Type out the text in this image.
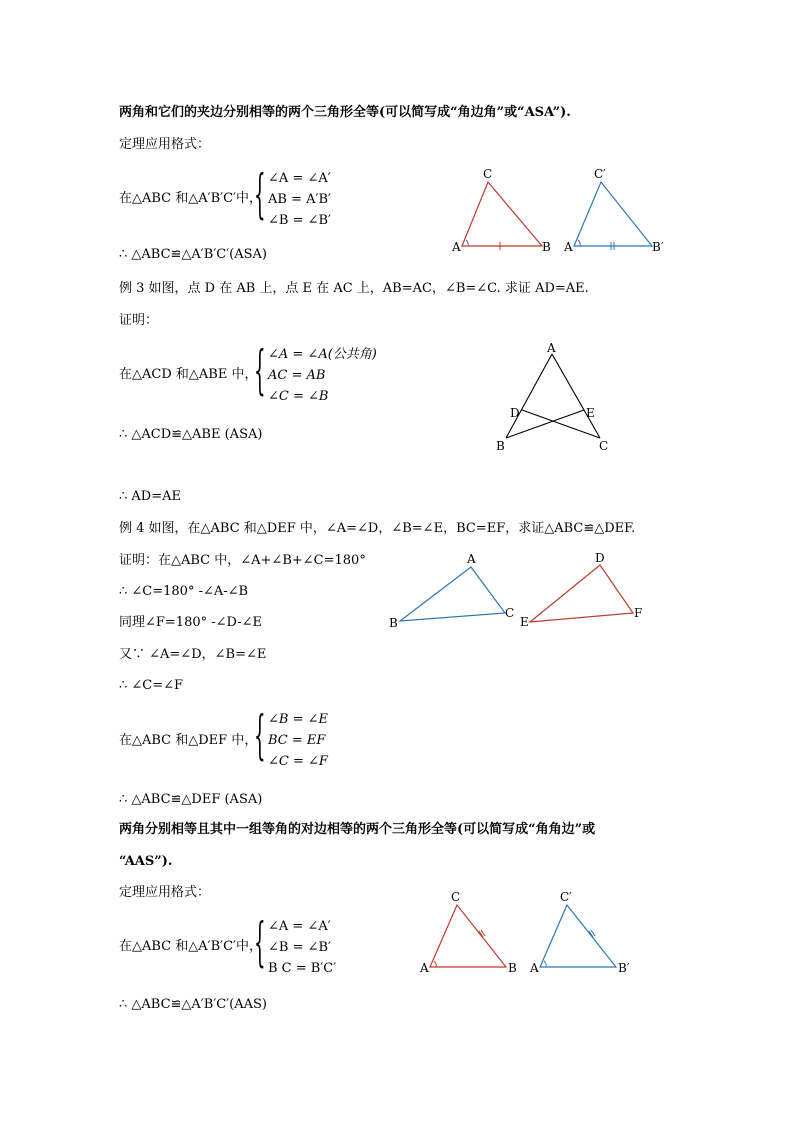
两角和它们的夹边分别相等的两个三角形全等(可以简写成“角边角”或“ASA”).
定理应用格式：
在△ABC 和△A′B′C′中，
{ ∠A = ∠A′
AB = A′B′
∠B = ∠B′
∴ △ABC≌△A′B′C′(ASA)	A	B
C
A	B′
C′
例 3 如图，点 D 在 AB 上，点 E 在 AC 上，AB=AC，∠B=∠C. 求证 AD=AE.
证明：
在△ACD 和△ABE 中，
{ ∠A = ∠A(公共角)
AC = AB
∠C = ∠B
∴ △ACD≌△ABE (ASA)
∴ AD=AE
A
B	C
D	E
例 4 如图，在△ABC 和△DEF 中，∠A=∠D，∠B=∠E，BC=EF，求证△ABC≌△DEF.
证明：在△ABC 中，∠A+∠B+∠C=180°
∴ ∠C=180° -∠A-∠B
同理∠F=180° -∠D-∠E
又∵ ∠A=∠D，∠B=∠E
∴ ∠C=∠F
在△ABC 和△DEF 中，
{ ∠B = ∠E
BC = EF
∠C = ∠F
∴ △ABC≌△DEF (ASA)
A
B
C
D
E
F
两角分别相等且其中一组等角的对边相等的两个三角形全等(可以简写成“角角边”或
“AAS”).
定理应用格式：
在△ABC 和△A′B′C′中，
{ ∠A = ∠A′
∠B = ∠B′
B C = B′C′
∴ △ABC≌△A′B′C′(AAS)
A	B
C
A	B′
C′
